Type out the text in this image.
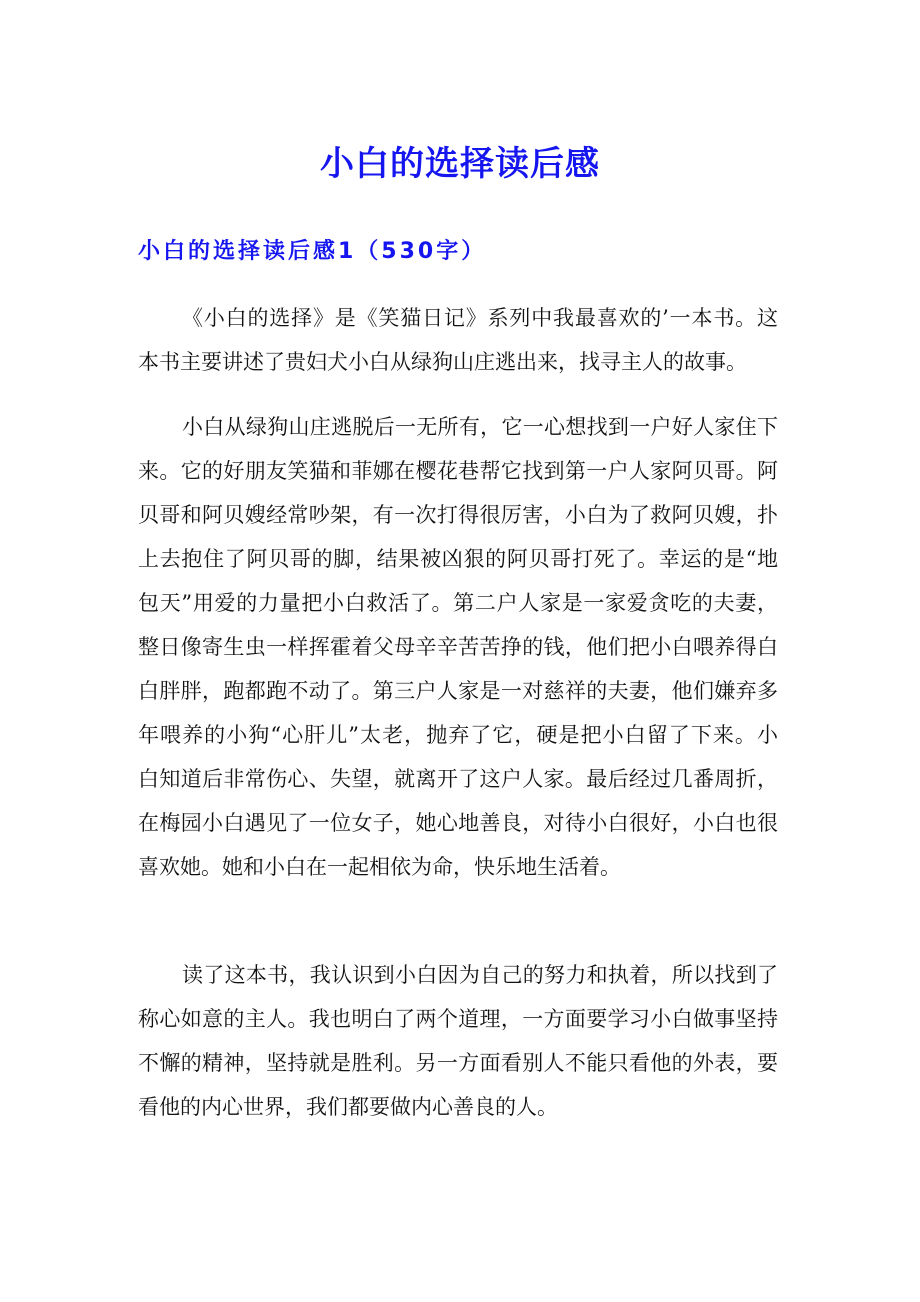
小白的选择读后感
小白的选择读后感1（530字）
《小白的选择》是《笑猫日记》系列中我最喜欢的’一本书。这
本书主要讲述了贵妇犬小白从绿狗山庄逃出来，找寻主人的故事。
小白从绿狗山庄逃脱后一无所有，它一心想找到一户好人家住下
来。它的好朋友笑猫和菲娜在樱花巷帮它找到第一户人家阿贝哥。阿
贝哥和阿贝嫂经常吵架，有一次打得很厉害，小白为了救阿贝嫂，扑
上去抱住了阿贝哥的脚，结果被凶狠的阿贝哥打死了。幸运的是“地
包天”用爱的力量把小白救活了。第二户人家是一家爱贪吃的夫妻，
整日像寄生虫一样挥霍着父母辛辛苦苦挣的钱，他们把小白喂养得白
白胖胖，跑都跑不动了。第三户人家是一对慈祥的夫妻，他们嫌弃多
年喂养的小狗“心肝儿”太老，抛弃了它，硬是把小白留了下来。小
白知道后非常伤心、失望，就离开了这户人家。最后经过几番周折，
在梅园小白遇见了一位女子，她心地善良，对待小白很好，小白也很
喜欢她。她和小白在一起相依为命，快乐地生活着。
读了这本书，我认识到小白因为自己的努力和执着，所以找到了
称心如意的主人。我也明白了两个道理，一方面要学习小白做事坚持
不懈的精神，坚持就是胜利。另一方面看别人不能只看他的外表，要
看他的内心世界，我们都要做内心善良的人。
